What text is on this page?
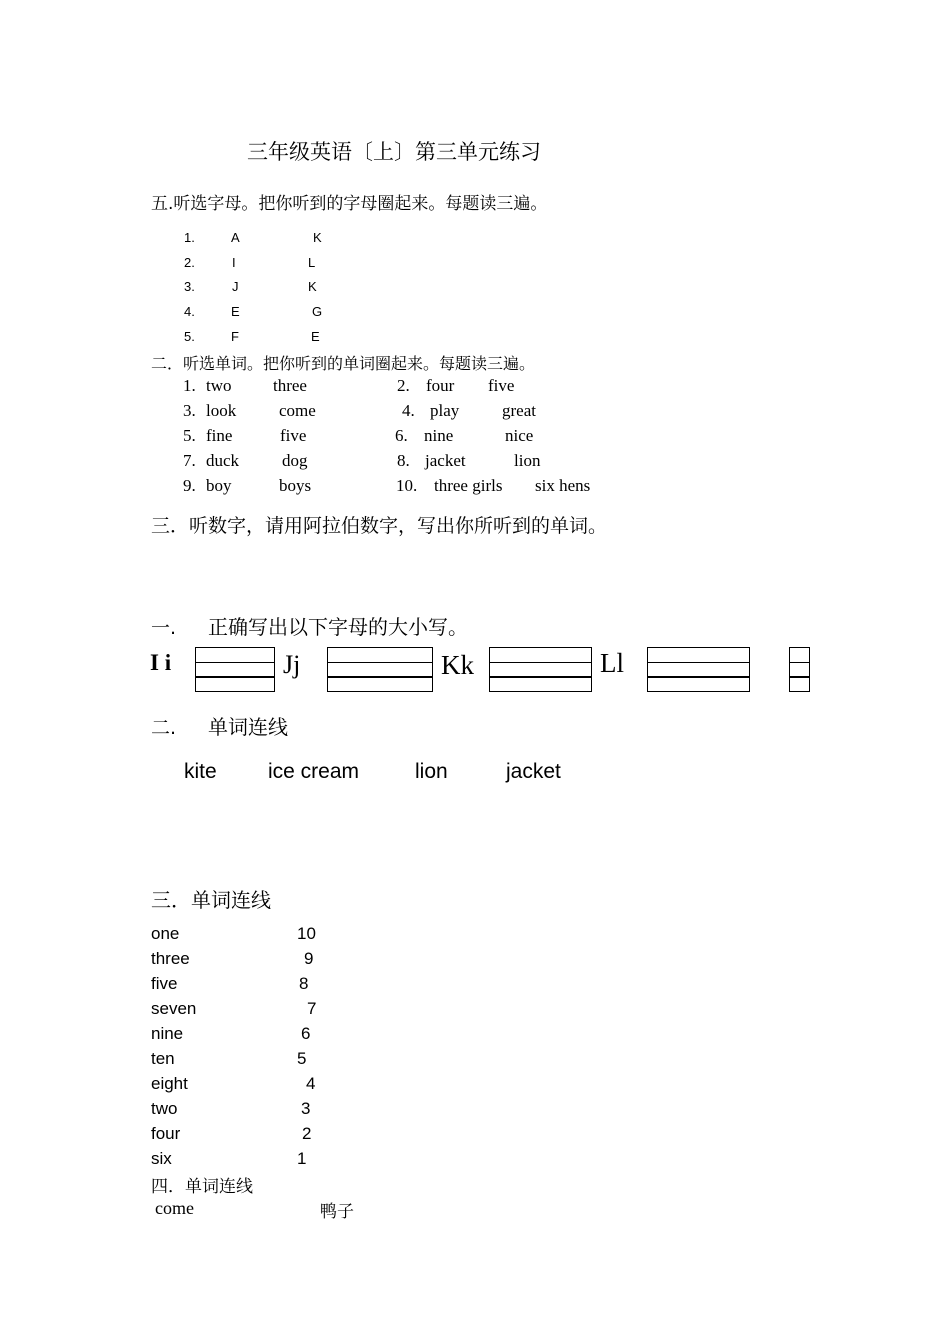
三年级英语〔上〕第三单元练习
五.听选字母。把你听到的字母圈起来。每题读三遍。
1.	A	K
2.	I	L
3.	J	K
4.	E	G
5.	F	E
二．听选单词。把你听到的单词圈起来。每题读三遍。
1. two three	2. four five
3. look	come	4. play	great
5. fine	five	6. nine	nice
7. duck	dog	8. jacket	lion
9. boy	boys	10. three girls six hens
三．听数字，请用阿拉伯数字，写出你所听到的单词。
一. 正确写出以下字母的大小写。
I i	Jj	Kk	Ll
二. 单词连线
kite ice cream	lion	jacket
三．单词连线
one	10
three	9
five	8
seven	7
nine	6
ten	5
eight	4
two	3
four	2
six	1
四．单词连线
come	鸭子
